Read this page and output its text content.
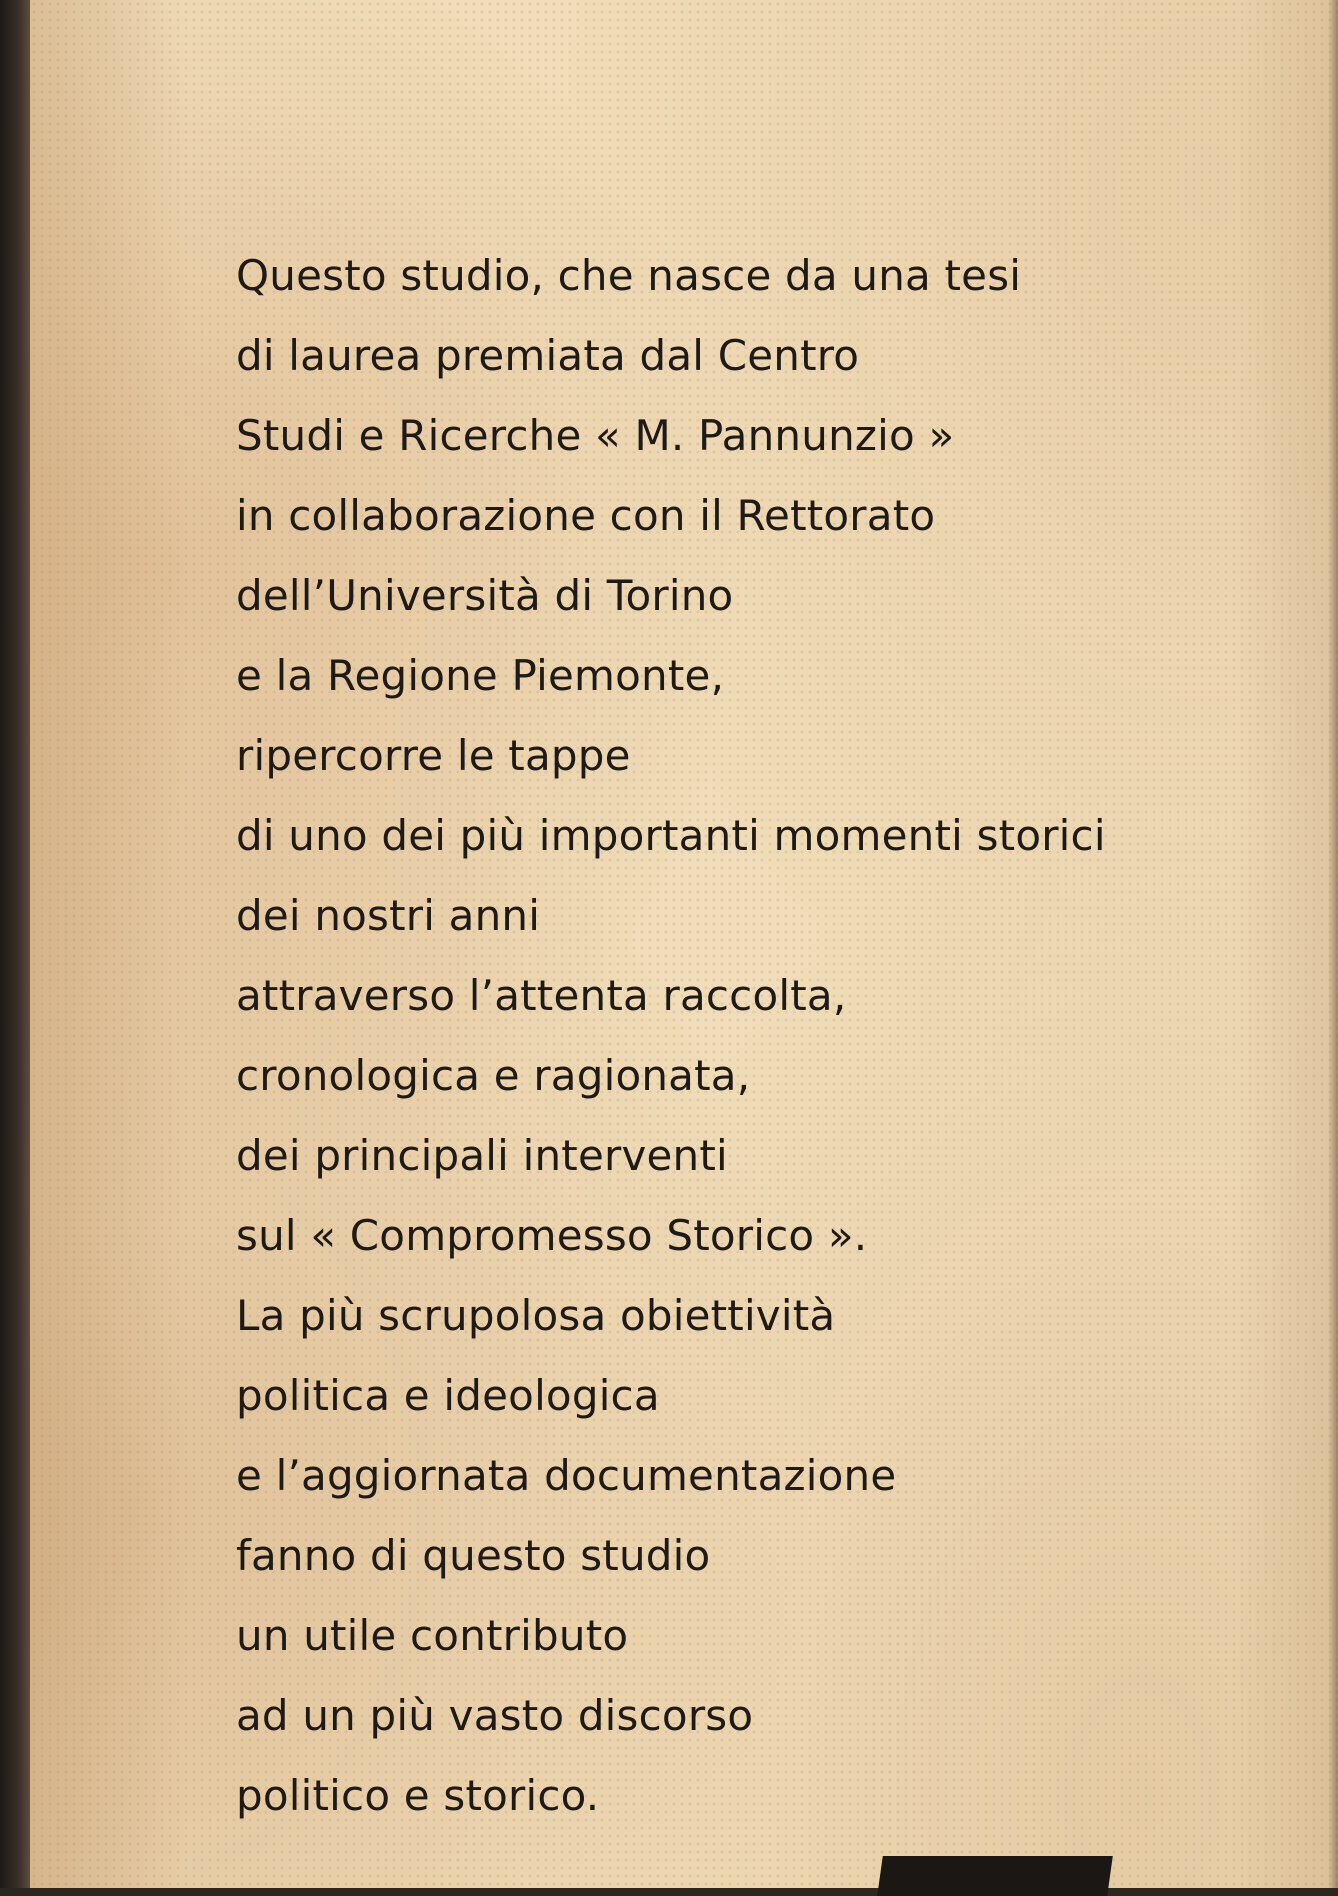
Questo studio, che nasce da una tesi
di laurea premiata dal Centro
Studi e Ricerche « M. Pannunzio »
in collaborazione con il Rettorato
dell’Università di Torino
e la Regione Piemonte,
ripercorre le tappe
di uno dei più importanti momenti storici
dei nostri anni
attraverso l’attenta raccolta,
cronologica e ragionata,
dei principali interventi
sul « Compromesso Storico ».
La più scrupolosa obiettività
politica e ideologica
e l’aggiornata documentazione
fanno di questo studio
un utile contributo
ad un più vasto discorso
politico e storico.
